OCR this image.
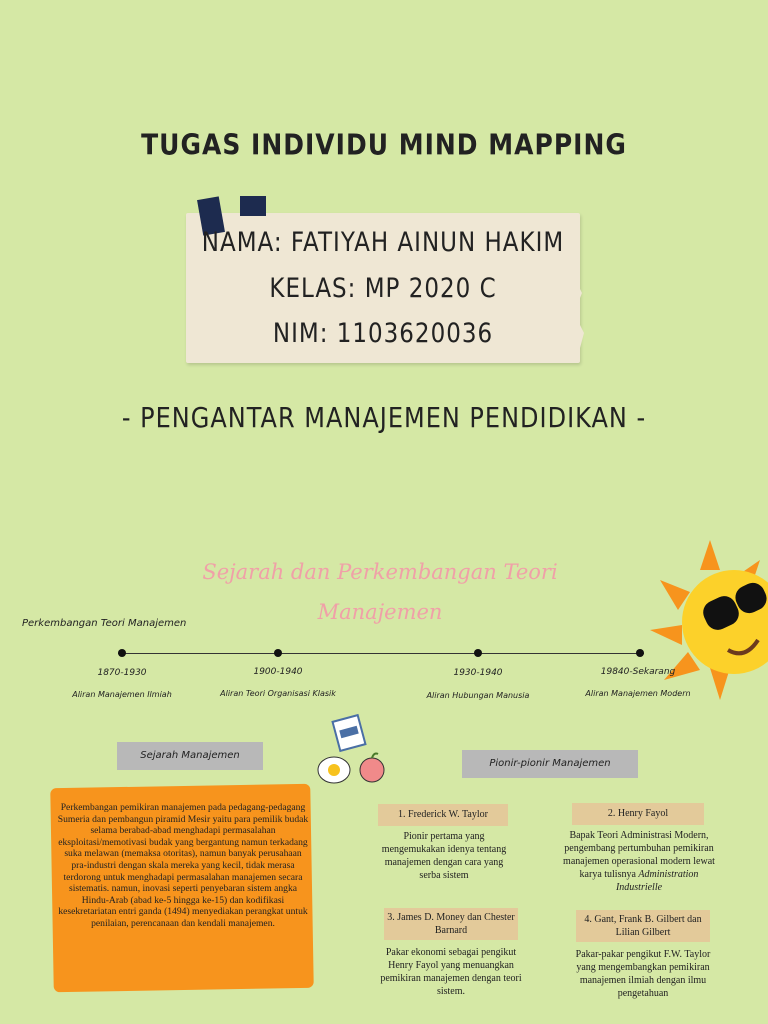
TUGAS INDIVIDU MIND MAPPING
NAMA: FATIYAH AINUN HAKIM
KELAS: MP 2020 C
NIM: 1103620036
- PENGANTAR MANAJEMEN PENDIDIKAN -
Sejarah dan Perkembangan Teori
Manajemen
Perkembangan Teori Manajemen
1870-1930	1900-1940	1930-1940	19840-Sekarang
Aliran Manajemen Ilmiah	Aliran Teori Organisasi Klasik	Aliran Hubungan Manusia	Aliran Manajemen Modern
Sejarah Manajemen
Perkembangan pemikiran manajemen pada pedagang-pedagang Sumeria dan pembangun piramid Mesir yaitu para pemilik budak selama berabad-abad menghadapi permasalahan eksploitasi/memotivasi budak yang bergantung namun terkadang suka melawan (memaksa otoritas), namun banyak perusahaan pra-industri dengan skala mereka yang kecil, tidak merasa terdorong untuk menghadapi permasalahan manajemen secara sistematis. namun, inovasi seperti penyebaran sistem angka Hindu-Arab (abad ke-5 hingga ke-15) dan kodifikasi kesekretariatan entri ganda (1494) menyediakan perangkat untuk penilaian, perencanaan dan kendali manajemen.
Pionir-pionir Manajemen
1. Frederick W. Taylor
Pionir pertama yang mengemukakan idenya tentang manajemen dengan cara yang serba sistem
2. Henry Fayol
Bapak Teori Administrasi Modern, pengembang pertumbuhan pemikiran manajemen operasional modern lewat karya tulisnya Administration Industrielle
3. James D. Money dan Chester Barnard
Pakar ekonomi sebagai pengikut Henry Fayol yang menuangkan pemikiran manajemen dengan teori sistem.
4. Gant, Frank B. Gilbert dan Lilian Gilbert
Pakar-pakar pengikut F.W. Taylor yang mengembangkan pemikiran manajemen ilmiah dengan ilmu pengetahuan
